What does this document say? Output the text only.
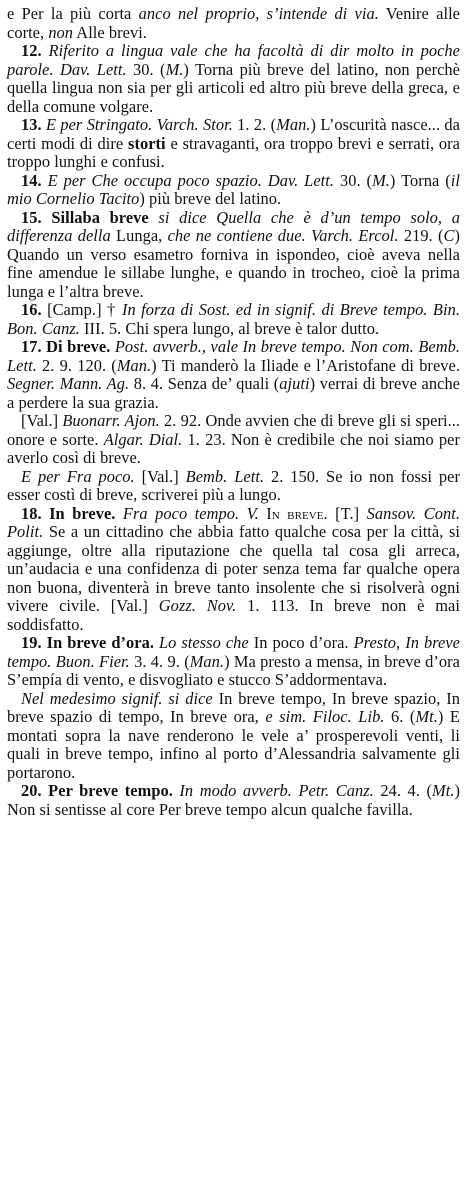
e Per la più corta anco nel proprio, s’intende di via. Venire alle corte, non Alle brevi.

12. Riferito a lingua vale che ha facoltà di dir molto in poche parole. Dav. Lett. 30. (M.) Torna più breve del latino, non perchè quella lingua non sia per gli articoli ed altro più breve della greca, e della comune volgare.

13. E per Stringato. Varch. Stor. 1. 2. (Man.) L’oscurità nasce... da certi modi di dire storti e stravaganti, ora troppo brevi e serrati, ora troppo lunghi e confusi.

14. E per Che occupa poco spazio. Dav. Lett. 30. (M.) Torna (il mio Cornelio Tacito) più breve del latino.

15. Sillaba breve si dice Quella che è d’un tempo solo, a differenza della Lunga, che ne contiene due. Varch. Ercol. 219. (C) Quando un verso esametro forniva in ispondeo, cioè aveva nella fine amendue le sillabe lunghe, e quando in trocheo, cioè la prima lunga e l’altra breve.

16. [Camp.] † In forza di Sost. ed in signif. di Breve tempo. Bin. Bon. Canz. III. 5. Chi spera lungo, al breve è talor dutto.

17. Di breve. Post. avverb., vale In breve tempo. Non com. Bemb. Lett. 2. 9. 120. (Man.) Ti manderò la Iliade e l’Aristofane di breve. Segner. Mann. Ag. 8. 4. Senza de’ quali (ajuti) verrai di breve anche a perdere la sua grazia.

[Val.] Buonarr. Ajon. 2. 92. Onde avvien che di breve gli si speri... onore e sorte. Algar. Dial. 1. 23. Non è credibile che noi siamo per averlo così di breve.

E per Fra poco. [Val.] Bemb. Lett. 2. 150. Se io non fossi per esser costì di breve, scriverei più a lungo.

18. In breve. Fra poco tempo. V. In breve. [T.] Sansov. Cont. Polit. Se a un cittadino che abbia fatto qualche cosa per la città, si aggiunge, oltre alla riputazione che quella tal cosa gli arreca, un’audacia e una confidenza di poter senza tema far qualche opera non buona, diventerà in breve tanto insolente che si risolverà ogni vivere civile. [Val.] Gozz. Nov. 1. 113. In breve non è mai soddisfatto.

19. In breve d’ora. Lo stesso che In poco d’ora. Presto, In breve tempo. Buon. Fier. 3. 4. 9. (Man.) Ma presto a mensa, in breve d’ora S’empía di vento, e disvogliato e stucco S’addormentava.

Nel medesimo signif. si dice In breve tempo, In breve spazio, In breve spazio di tempo, In breve ora, e sim. Filoc. Lib. 6. (Mt.) E montati sopra la nave renderono le vele a’ prosperevoli venti, li quali in breve tempo, infino al porto d’Alessandria salvamente gli portarono.

20. Per breve tempo. In modo avverb. Petr. Canz. 24. 4. (Mt.) Non si sentisse al core Per breve tempo alcun qualche favilla.
